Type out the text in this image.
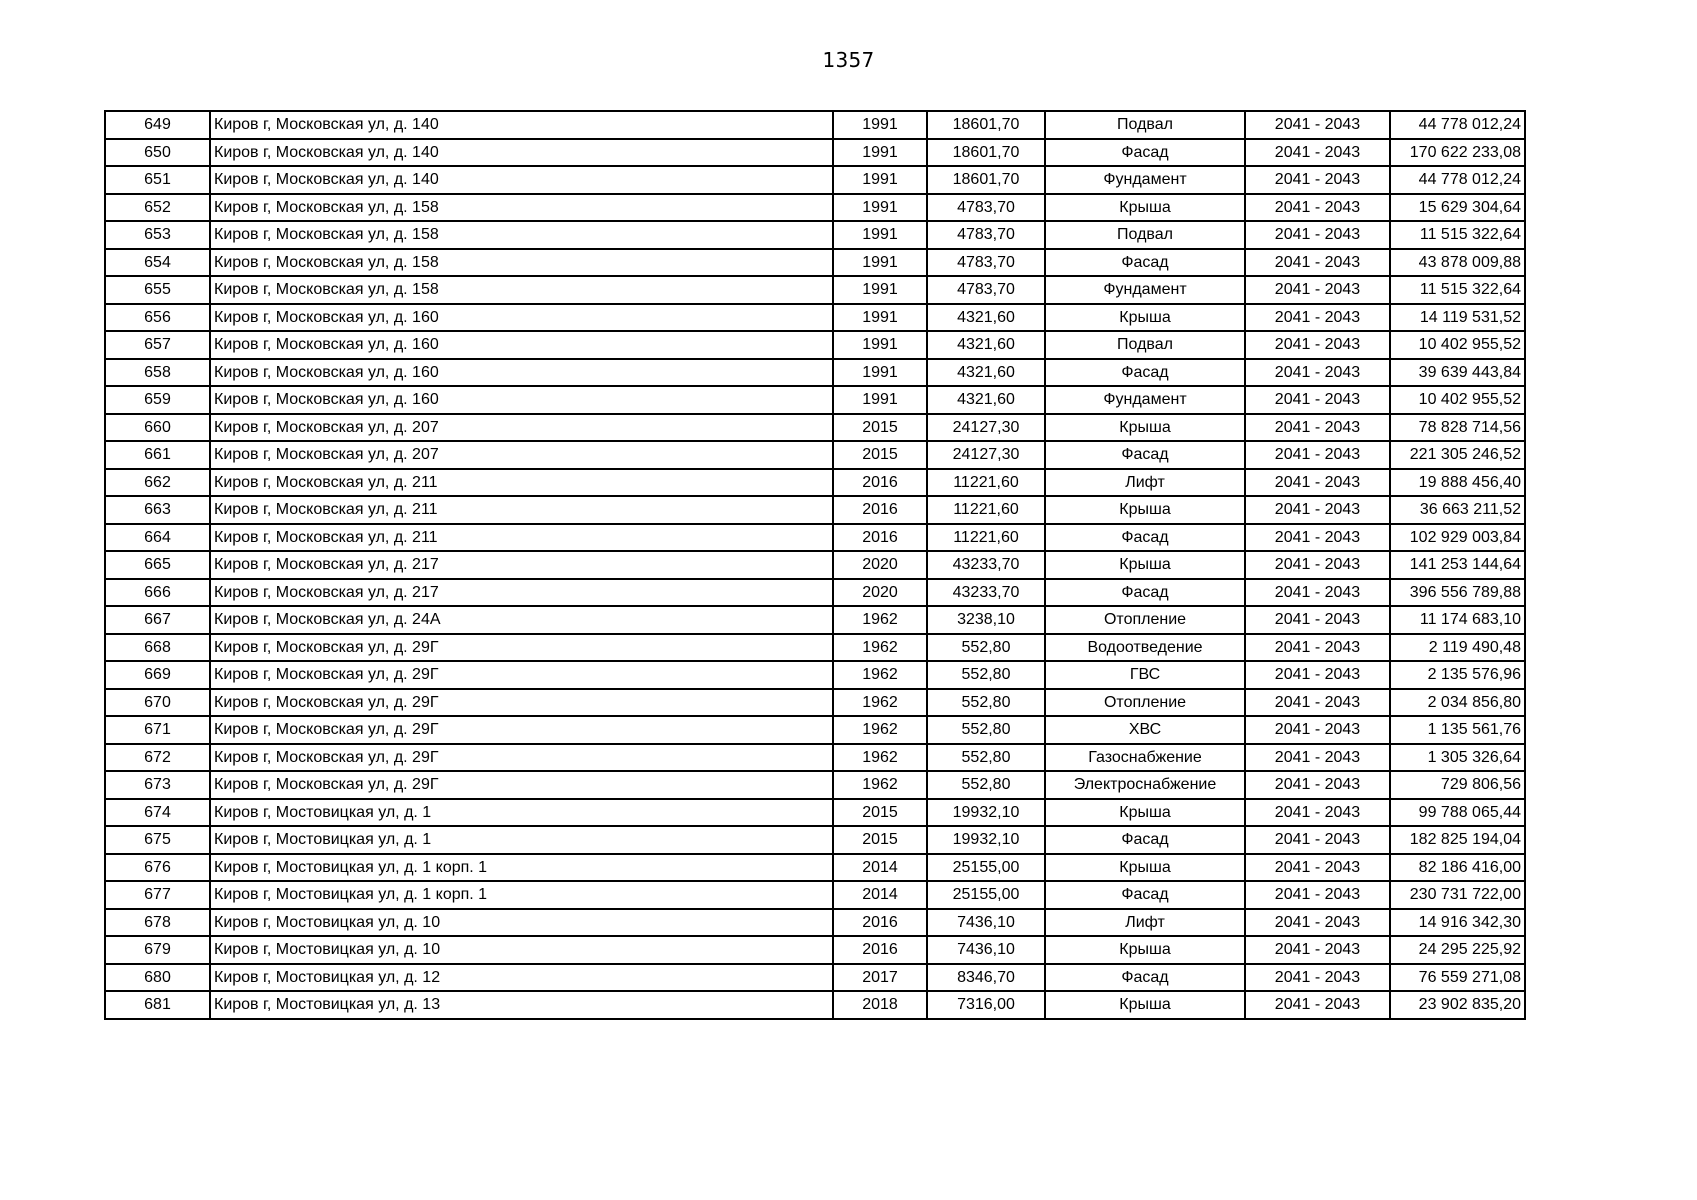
1357
649	Киров г, Московская ул, д. 140	1991	18601,70	Подвал	2041 - 2043	44 778 012,24
650	Киров г, Московская ул, д. 140	1991	18601,70	Фасад	2041 - 2043	170 622 233,08
651	Киров г, Московская ул, д. 140	1991	18601,70	Фундамент	2041 - 2043	44 778 012,24
652	Киров г, Московская ул, д. 158	1991	4783,70	Крыша	2041 - 2043	15 629 304,64
653	Киров г, Московская ул, д. 158	1991	4783,70	Подвал	2041 - 2043	11 515 322,64
654	Киров г, Московская ул, д. 158	1991	4783,70	Фасад	2041 - 2043	43 878 009,88
655	Киров г, Московская ул, д. 158	1991	4783,70	Фундамент	2041 - 2043	11 515 322,64
656	Киров г, Московская ул, д. 160	1991	4321,60	Крыша	2041 - 2043	14 119 531,52
657	Киров г, Московская ул, д. 160	1991	4321,60	Подвал	2041 - 2043	10 402 955,52
658	Киров г, Московская ул, д. 160	1991	4321,60	Фасад	2041 - 2043	39 639 443,84
659	Киров г, Московская ул, д. 160	1991	4321,60	Фундамент	2041 - 2043	10 402 955,52
660	Киров г, Московская ул, д. 207	2015	24127,30	Крыша	2041 - 2043	78 828 714,56
661	Киров г, Московская ул, д. 207	2015	24127,30	Фасад	2041 - 2043	221 305 246,52
662	Киров г, Московская ул, д. 211	2016	11221,60	Лифт	2041 - 2043	19 888 456,40
663	Киров г, Московская ул, д. 211	2016	11221,60	Крыша	2041 - 2043	36 663 211,52
664	Киров г, Московская ул, д. 211	2016	11221,60	Фасад	2041 - 2043	102 929 003,84
665	Киров г, Московская ул, д. 217	2020	43233,70	Крыша	2041 - 2043	141 253 144,64
666	Киров г, Московская ул, д. 217	2020	43233,70	Фасад	2041 - 2043	396 556 789,88
667	Киров г, Московская ул, д. 24А	1962	3238,10	Отопление	2041 - 2043	11 174 683,10
668	Киров г, Московская ул, д. 29Г	1962	552,80	Водоотведение	2041 - 2043	2 119 490,48
669	Киров г, Московская ул, д. 29Г	1962	552,80	ГВС	2041 - 2043	2 135 576,96
670	Киров г, Московская ул, д. 29Г	1962	552,80	Отопление	2041 - 2043	2 034 856,80
671	Киров г, Московская ул, д. 29Г	1962	552,80	ХВС	2041 - 2043	1 135 561,76
672	Киров г, Московская ул, д. 29Г	1962	552,80	Газоснабжение	2041 - 2043	1 305 326,64
673	Киров г, Московская ул, д. 29Г	1962	552,80	Электроснабжение	2041 - 2043	729 806,56
674	Киров г, Мостовицкая ул, д. 1	2015	19932,10	Крыша	2041 - 2043	99 788 065,44
675	Киров г, Мостовицкая ул, д. 1	2015	19932,10	Фасад	2041 - 2043	182 825 194,04
676	Киров г, Мостовицкая ул, д. 1 корп. 1	2014	25155,00	Крыша	2041 - 2043	82 186 416,00
677	Киров г, Мостовицкая ул, д. 1 корп. 1	2014	25155,00	Фасад	2041 - 2043	230 731 722,00
678	Киров г, Мостовицкая ул, д. 10	2016	7436,10	Лифт	2041 - 2043	14 916 342,30
679	Киров г, Мостовицкая ул, д. 10	2016	7436,10	Крыша	2041 - 2043	24 295 225,92
680	Киров г, Мостовицкая ул, д. 12	2017	8346,70	Фасад	2041 - 2043	76 559 271,08
681	Киров г, Мостовицкая ул, д. 13	2018	7316,00	Крыша	2041 - 2043	23 902 835,20
